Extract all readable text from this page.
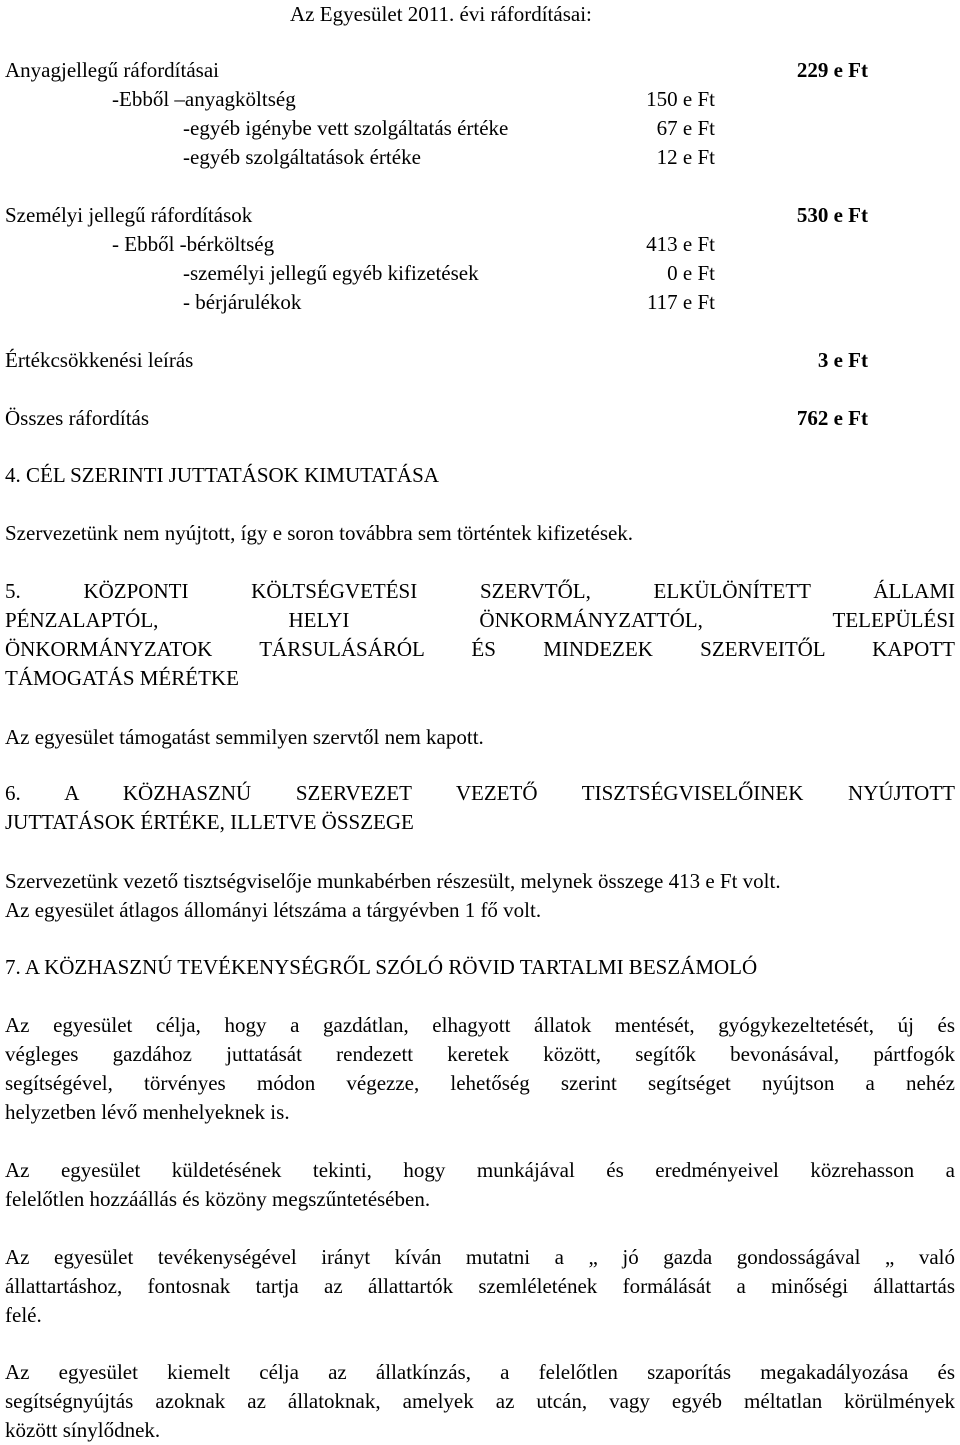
Az Egyesület 2011. évi ráfordításai:
Anyagjellegű ráfordításai	229 e Ft
-Ebből –anyagköltség	150 e Ft
-egyéb igénybe vett szolgáltatás értéke	67 e Ft
-egyéb szolgáltatások értéke	12 e Ft
Személyi jellegű ráfordítások	530 e Ft
- Ebből -bérköltség	413 e Ft
-személyi jellegű egyéb kifizetések	0 e Ft
- bérjárulékok	117 e Ft
Értékcsökkenési leírás	3 e Ft
Összes ráfordítás	762 e Ft
4. CÉL SZERINTI JUTTATÁSOK KIMUTATÁSA
Szervezetünk nem nyújtott, így e soron továbbra sem történtek kifizetések.
5. KÖZPONTI KÖLTSÉGVETÉSI SZERVTŐL, ELKÜLÖNÍTETT ÁLLAMI
PÉNZALAPTÓL, HELYI ÖNKORMÁNYZATTÓL, TELEPÜLÉSI
ÖNKORMÁNYZATOK TÁRSULÁSÁRÓL ÉS MINDEZEK SZERVEITŐL KAPOTT
TÁMOGATÁS MÉRÉTKE
Az egyesület támogatást semmilyen szervtől nem kapott.
6. A KÖZHASZNÚ SZERVEZET VEZETŐ TISZTSÉGVISELŐINEK NYÚJTOTT
JUTTATÁSOK ÉRTÉKE, ILLETVE ÖSSZEGE
Szervezetünk vezető tisztségviselője munkabérben részesült, melynek összege 413 e Ft volt.
Az egyesület átlagos állományi létszáma a tárgyévben 1 fő volt.
7. A KÖZHASZNÚ TEVÉKENYSÉGRŐL SZÓLÓ RÖVID TARTALMI BESZÁMOLÓ
Az egyesület célja, hogy a gazdátlan, elhagyott állatok mentését, gyógykezeltetését, új és
végleges gazdához juttatását rendezett keretek között, segítők bevonásával, pártfogók
segítségével, törvényes módon végezze, lehetőség szerint segítséget nyújtson a nehéz
helyzetben lévő menhelyeknek is.
Az egyesület küldetésének tekinti, hogy munkájával és eredményeivel közrehasson a
felelőtlen hozzáállás és közöny megszűntetésében.
Az egyesület tevékenységével irányt kíván mutatni a „ jó gazda gondosságával „ való
állattartáshoz, fontosnak tartja az állattartók szemléletének formálását a minőségi állattartás
felé.
Az egyesület kiemelt célja az állatkínzás, a felelőtlen szaporítás megakadályozása és
segítségnyújtás azoknak az állatoknak, amelyek az utcán, vagy egyéb méltatlan körülmények
között sínylődnek.
